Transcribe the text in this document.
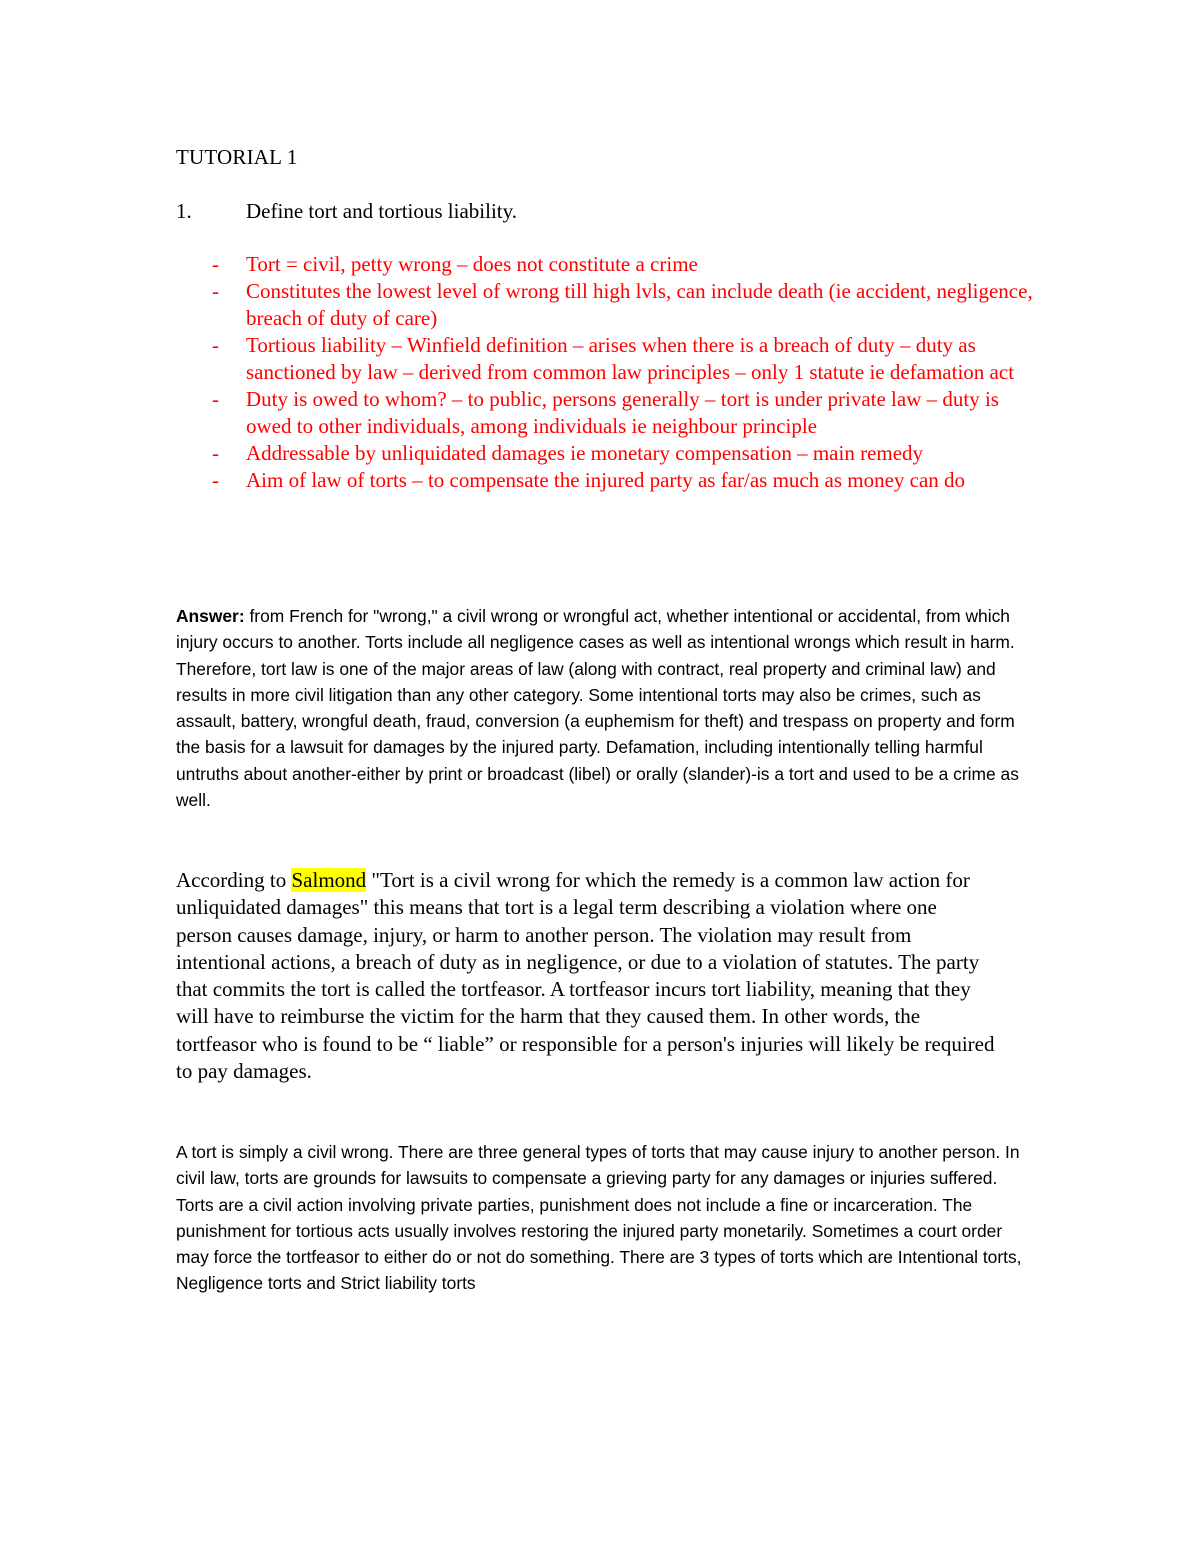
TUTORIAL 1
1.	Define tort and tortious liability.
-	Tort = civil, petty wrong – does not constitute a crime
-	Constitutes the lowest level of wrong till high lvls, can include death (ie accident, negligence, breach of duty of care)
-	Tortious liability – Winfield definition – arises when there is a breach of duty – duty as sanctioned by law – derived from common law principles – only 1 statute ie defamation act
-	Duty is owed to whom? – to public, persons generally – tort is under private law – duty is owed to other individuals, among individuals ie neighbour principle
-	Addressable by unliquidated damages ie monetary compensation – main remedy
-	Aim of law of torts – to compensate the injured party as far/as much as money can do
Answer: from French for "wrong," a civil wrong or wrongful act, whether intentional or accidental, from which injury occurs to another. Torts include all negligence cases as well as intentional wrongs which result in harm. Therefore, tort law is one of the major areas of law (along with contract, real property and criminal law) and results in more civil litigation than any other category. Some intentional torts may also be crimes, such as assault, battery, wrongful death, fraud, conversion (a euphemism for theft) and trespass on property and form the basis for a lawsuit for damages by the injured party. Defamation, including intentionally telling harmful untruths about another-either by print or broadcast (libel) or orally (slander)-is a tort and used to be a crime as well.
According to Salmond "Tort is a civil wrong for which the remedy is a common law action for unliquidated damages" this means that tort is a legal term describing a violation where one person causes damage, injury, or harm to another person. The violation may result from intentional actions, a breach of duty as in negligence, or due to a violation of statutes. The party that commits the tort is called the tortfeasor. A tortfeasor incurs tort liability, meaning that they will have to reimburse the victim for the harm that they caused them. In other words, the tortfeasor who is found to be “ liable” or responsible for a person's injuries will likely be required to pay damages.
A tort is simply a civil wrong. There are three general types of torts that may cause injury to another person. In civil law, torts are grounds for lawsuits to compensate a grieving party for any damages or injuries suffered. Torts are a civil action involving private parties, punishment does not include a fine or incarceration. The punishment for tortious acts usually involves restoring the injured party monetarily. Sometimes a court order may force the tortfeasor to either do or not do something. There are 3 types of torts which are Intentional torts, Negligence torts and Strict liability torts
